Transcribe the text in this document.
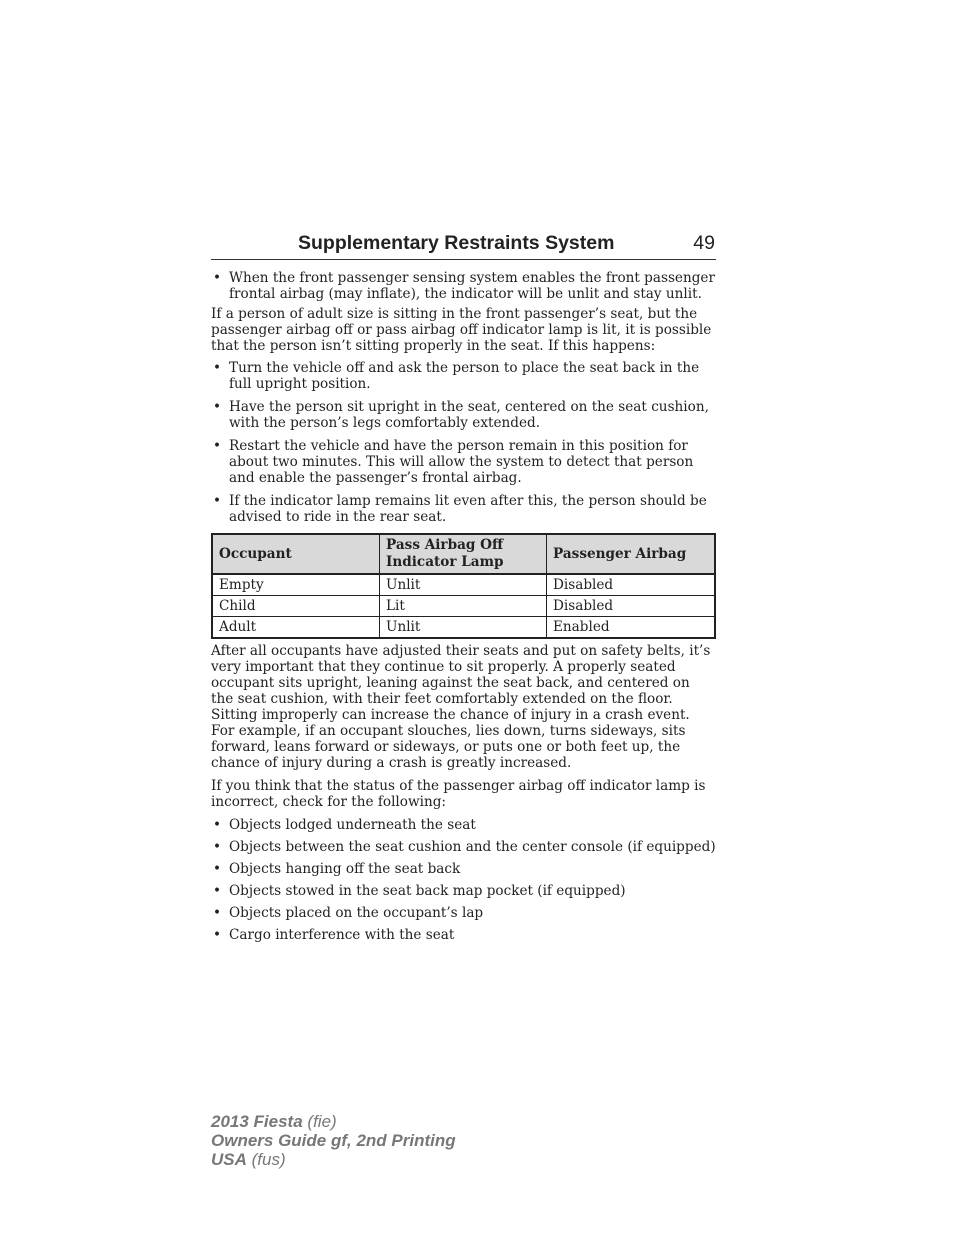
Supplementary Restraints System	49
• When the front passenger sensing system enables the front passenger frontal airbag (may inflate), the indicator will be unlit and stay unlit.

If a person of adult size is sitting in the front passenger’s seat, but the passenger airbag off or pass airbag off indicator lamp is lit, it is possible that the person isn’t sitting properly in the seat. If this happens:

• Turn the vehicle off and ask the person to place the seat back in the full upright position.
• Have the person sit upright in the seat, centered on the seat cushion, with the person’s legs comfortably extended.
• Restart the vehicle and have the person remain in this position for about two minutes. This will allow the system to detect that person and enable the passenger’s frontal airbag.
• If the indicator lamp remains lit even after this, the person should be advised to ride in the rear seat.
Occupant	Pass Airbag Off Indicator Lamp	Passenger Airbag
Empty	Unlit	Disabled
Child	Lit	Disabled
Adult	Unlit	Enabled

After all occupants have adjusted their seats and put on safety belts, it’s very important that they continue to sit properly. A properly seated occupant sits upright, leaning against the seat back, and centered on the seat cushion, with their feet comfortably extended on the floor. Sitting improperly can increase the chance of injury in a crash event. For example, if an occupant slouches, lies down, turns sideways, sits forward, leans forward or sideways, or puts one or both feet up, the chance of injury during a crash is greatly increased.

If you think that the status of the passenger airbag off indicator lamp is incorrect, check for the following:

• Objects lodged underneath the seat
• Objects between the seat cushion and the center console (if equipped)
• Objects hanging off the seat back
• Objects stowed in the seat back map pocket (if equipped)
• Objects placed on the occupant’s lap
• Cargo interference with the seat
2013 Fiesta (fie)
Owners Guide gf, 2nd Printing
USA (fus)
